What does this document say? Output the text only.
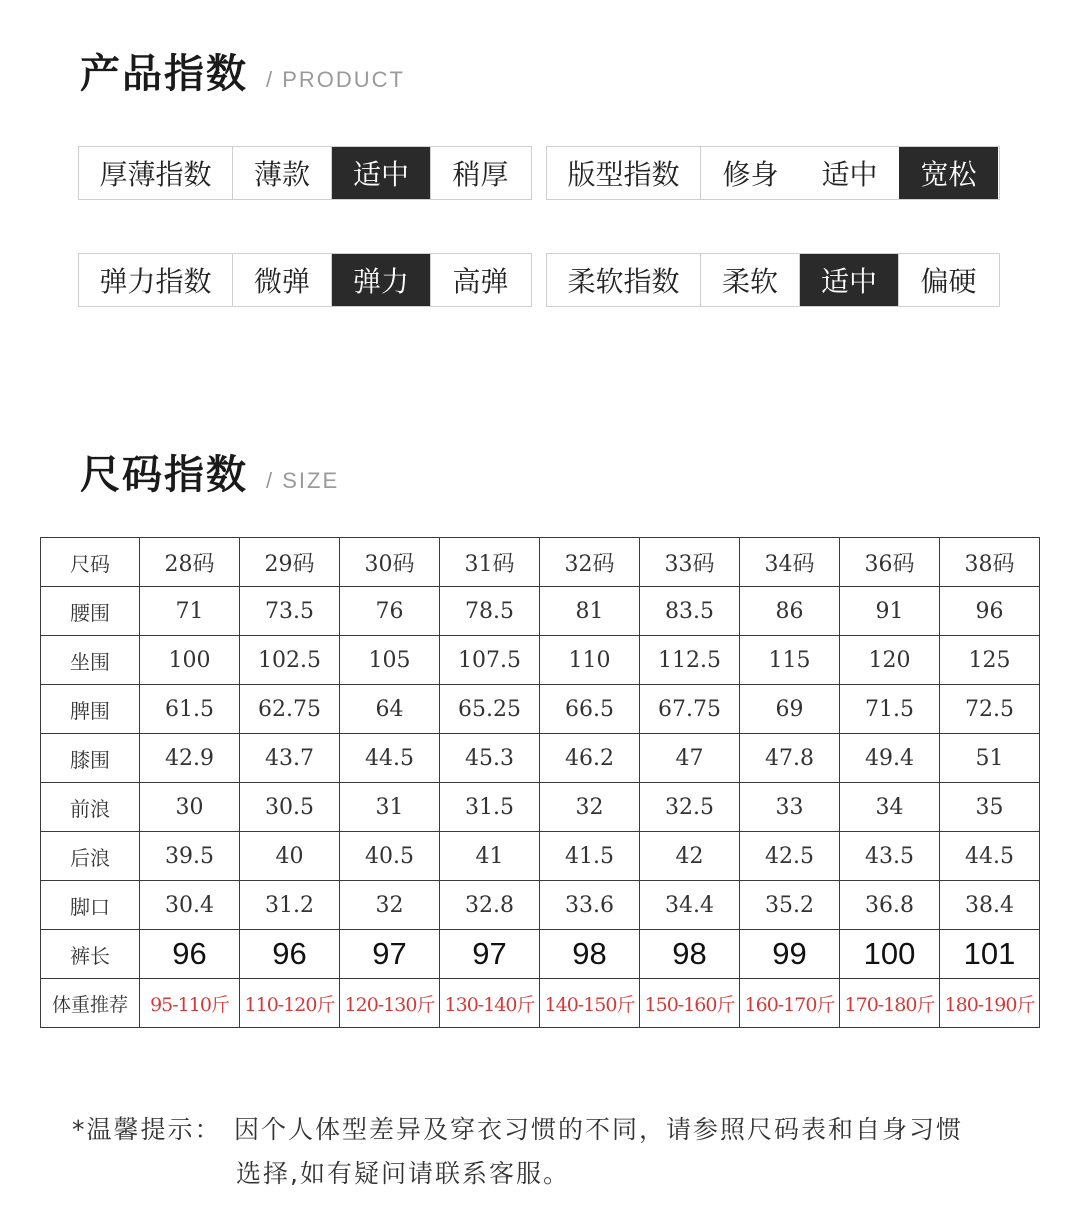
产品指数 / PRODUCT
厚薄指数	薄款	适中	稍厚	版型指数	修身	适中	宽松
弹力指数	微弹	弹力	高弹	柔软指数	柔软	适中	偏硬
尺码指数 / SIZE
尺码	28码	29码	30码	31码	32码	33码	34码	36码	38码
腰围	71	73.5	76	78.5	81	83.5	86	91	96
坐围	100	102.5	105	107.5	110	112.5	115	120	125
脾围	61.5	62.75	64	65.25	66.5	67.75	69	71.5	72.5
膝围	42.9	43.7	44.5	45.3	46.2	47	47.8	49.4	51
前浪	30	30.5	31	31.5	32	32.5	33	34	35
后浪	39.5	40	40.5	41	41.5	42	42.5	43.5	44.5
脚口	30.4	31.2	32	32.8	33.6	34.4	35.2	36.8	38.4
裤长	96	96	97	97	98	98	99	100	101
体重推荐	95-110斤	110-120斤	120-130斤	130-140斤	140-150斤	150-160斤	160-170斤	170-180斤	180-190斤
*温馨提示： 因个人体型差异及穿衣习惯的不同，请参照尺码表和自身习惯
选择,如有疑问请联系客服。
